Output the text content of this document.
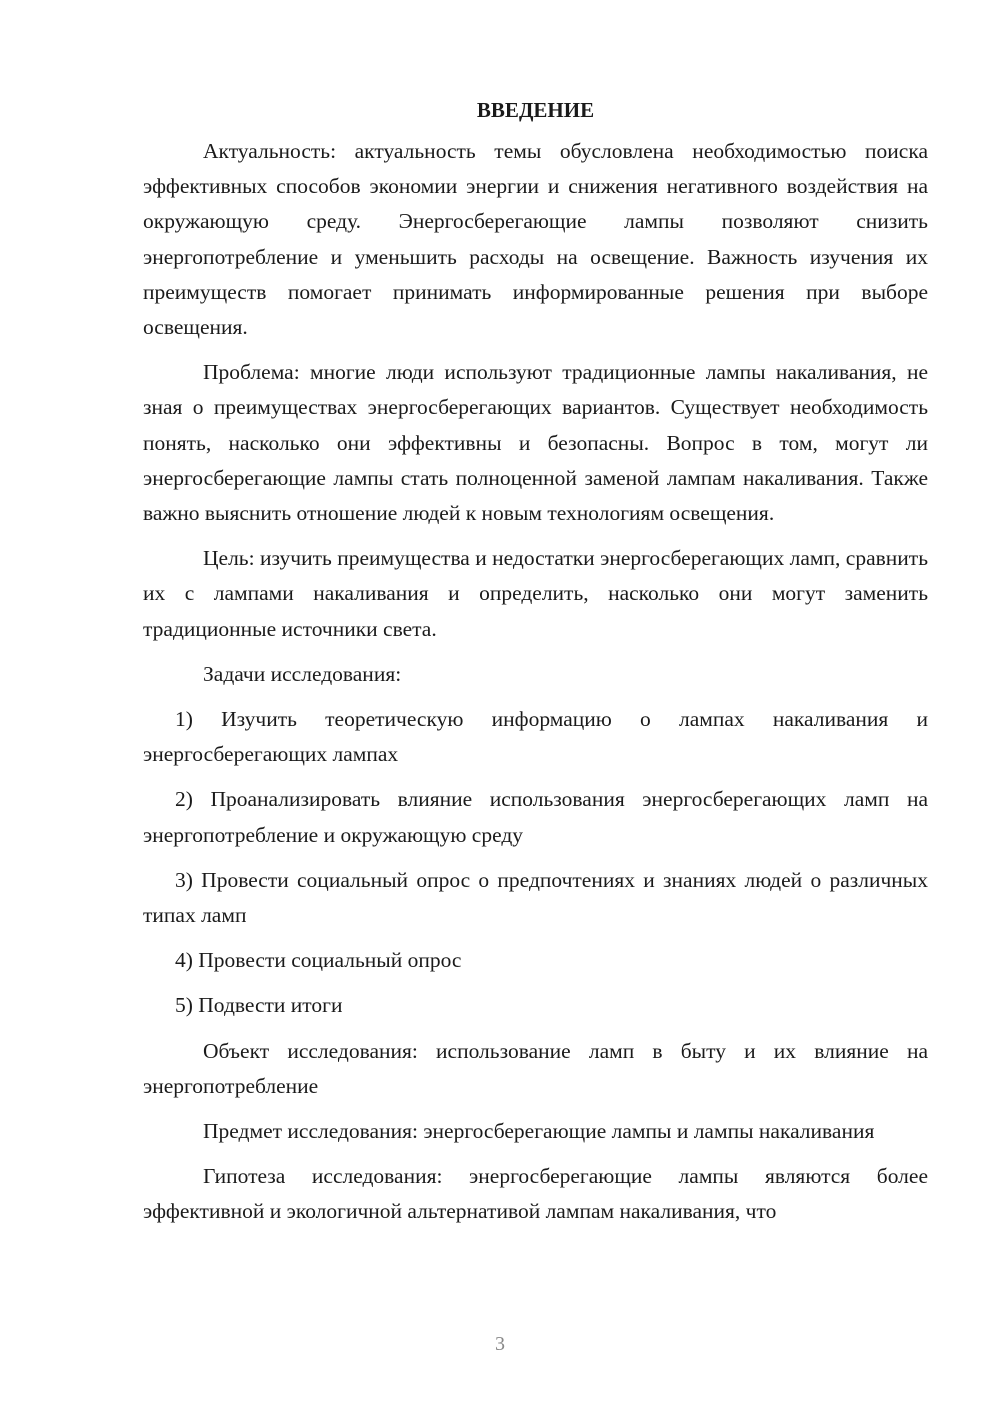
ВВЕДЕНИЕ

Актуальность: актуальность темы обусловлена необходимостью поиска эффективных способов экономии энергии и снижения негативного воздействия на окружающую среду. Энергосберегающие лампы позволяют снизить энергопотребление и уменьшить расходы на освещение. Важность изучения их преимуществ помогает принимать информированные решения при выборе освещения.

Проблема: многие люди используют традиционные лампы накаливания, не зная о преимуществах энергосберегающих вариантов. Существует необходимость понять, насколько они эффективны и безопасны. Вопрос в том, могут ли энергосберегающие лампы стать полноценной заменой лампам накаливания. Также важно выяснить отношение людей к новым технологиям освещения.

Цель: изучить преимущества и недостатки энергосберегающих ламп, сравнить их с лампами накаливания и определить, насколько они могут заменить традиционные источники света.

Задачи исследования:

1) Изучить теоретическую информацию о лампах накаливания и энергосберегающих лампах

2) Проанализировать влияние использования энергосберегающих ламп на энергопотребление и окружающую среду

3) Провести социальный опрос о предпочтениях и знаниях людей о различных типах ламп

4) Провести социальный опрос

5) Подвести итоги

Объект исследования: использование ламп в быту и их влияние на энергопотребление

Предмет исследования: энергосберегающие лампы и лампы накаливания

Гипотеза исследования: энергосберегающие лампы являются более эффективной и экологичной альтернативой лампам накаливания, что

3
